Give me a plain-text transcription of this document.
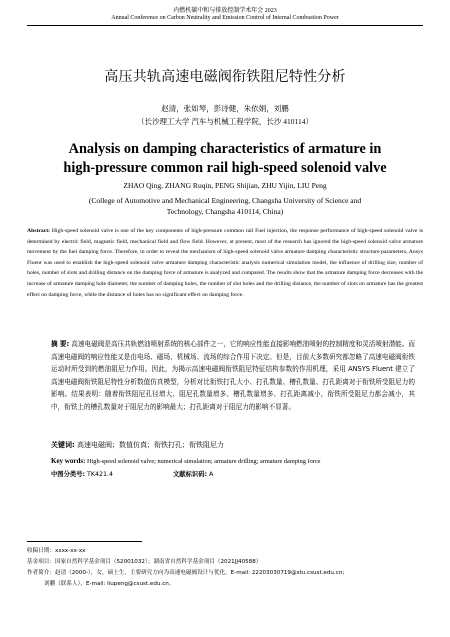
内燃机碳中和与排放控制学术年会 2023
Annual Conference on Carbon Neutrality and Emission Control of Internal Combustion Power
高压共轨高速电磁阀衔铁阻尼特性分析
赵清，张如琴，彭诗健，朱依娟，刘鹏
（长沙理工大学 汽车与机械工程学院，长沙 410114）
Analysis on damping characteristics of armature in
high-pressure common rail high-speed solenoid valve
ZHAO Qing, ZHANG Ruqin, PENG Shijian, ZHU Yijin, LIU Peng
(College of Automotive and Mechanical Engineering, Changsha University of Science and Technology, Changsha 410114, China)
Abstract: High-speed solenoid valve is one of the key components of high-pressure common rail Fuel injection, the response performance of high-speed solenoid valve is determined by electric field, magnetic field, mechanical field and flow field. However, at present, most of the research has ignored the high-speed solenoid valve armature movement by the fuel damping force. Therefore, in order to reveal the mechanism of high-speed solenoid valve armature damping characteristic structure parameters, Ansys Fluent was used to establish the high-speed solenoid valve armature damping characteristic analysis numerical simulation model, the influence of drilling size, number of holes, number of slots and drilling distance on the damping force of armature is analyzed and compared. The results show that the armature damping force decreases with the increase of armature damping hole diameter, the number of damping holes, the number of slot holes and the drilling distance, the number of slots on armature has the greatest effect on damping force, while the distance of holes has no significant effect on damping force.
摘 要: 高速电磁阀是高压共轨燃油喷射系统的核心部件之一，它的响应性能直接影响燃油喷射的控制精度和灵活喷射潜能。而高速电磁阀的响应性能又是由电场、磁场、机械场、流场的综合作用下决定。但是，目前大多数研究都忽略了高速电磁阀衔铁运动时所受到的燃油阻尼力作用。因此，为揭示高速电磁阀衔铁阻尼特征结构参数的作用机理，采用 ANSYS Fluent 建立了高速电磁阀衔铁阻尼特性分析数值仿真模型，分析对比衔铁打孔大小、打孔数量、槽孔数量、打孔距离对于衔铁所受阻尼力的影响。结果表明：随着衔铁阻尼孔径增大、阻尼孔数量增多、槽孔数量增多、打孔距离减小，衔铁所受阻尼力都会减小，其中，衔铁上的槽孔数量对于阻尼力的影响最大；打孔距离对于阻尼力的影响不显著。
关键词: 高速电磁阀；数值仿真；衔铁打孔；衔铁阻尼力
Key words: High-speed solenoid valve; numerical simulation; armature drilling; armature damping force
中图分类号: TK421.4	文献标识码: A
收稿日期：xxxx-xx-xx
基金项目：国家自然科学基金项目（52001032）；湖南省自然科学基金项目（2021JJ40588）
作者简介：赵清（2000-），女，硕士生，主要研究方向为高速电磁阀设计与优化。E-mail: 22203030719@stu.csust.edu.cn；
刘鹏（联系人），E-mail: liupeng@csust.edu.cn。
